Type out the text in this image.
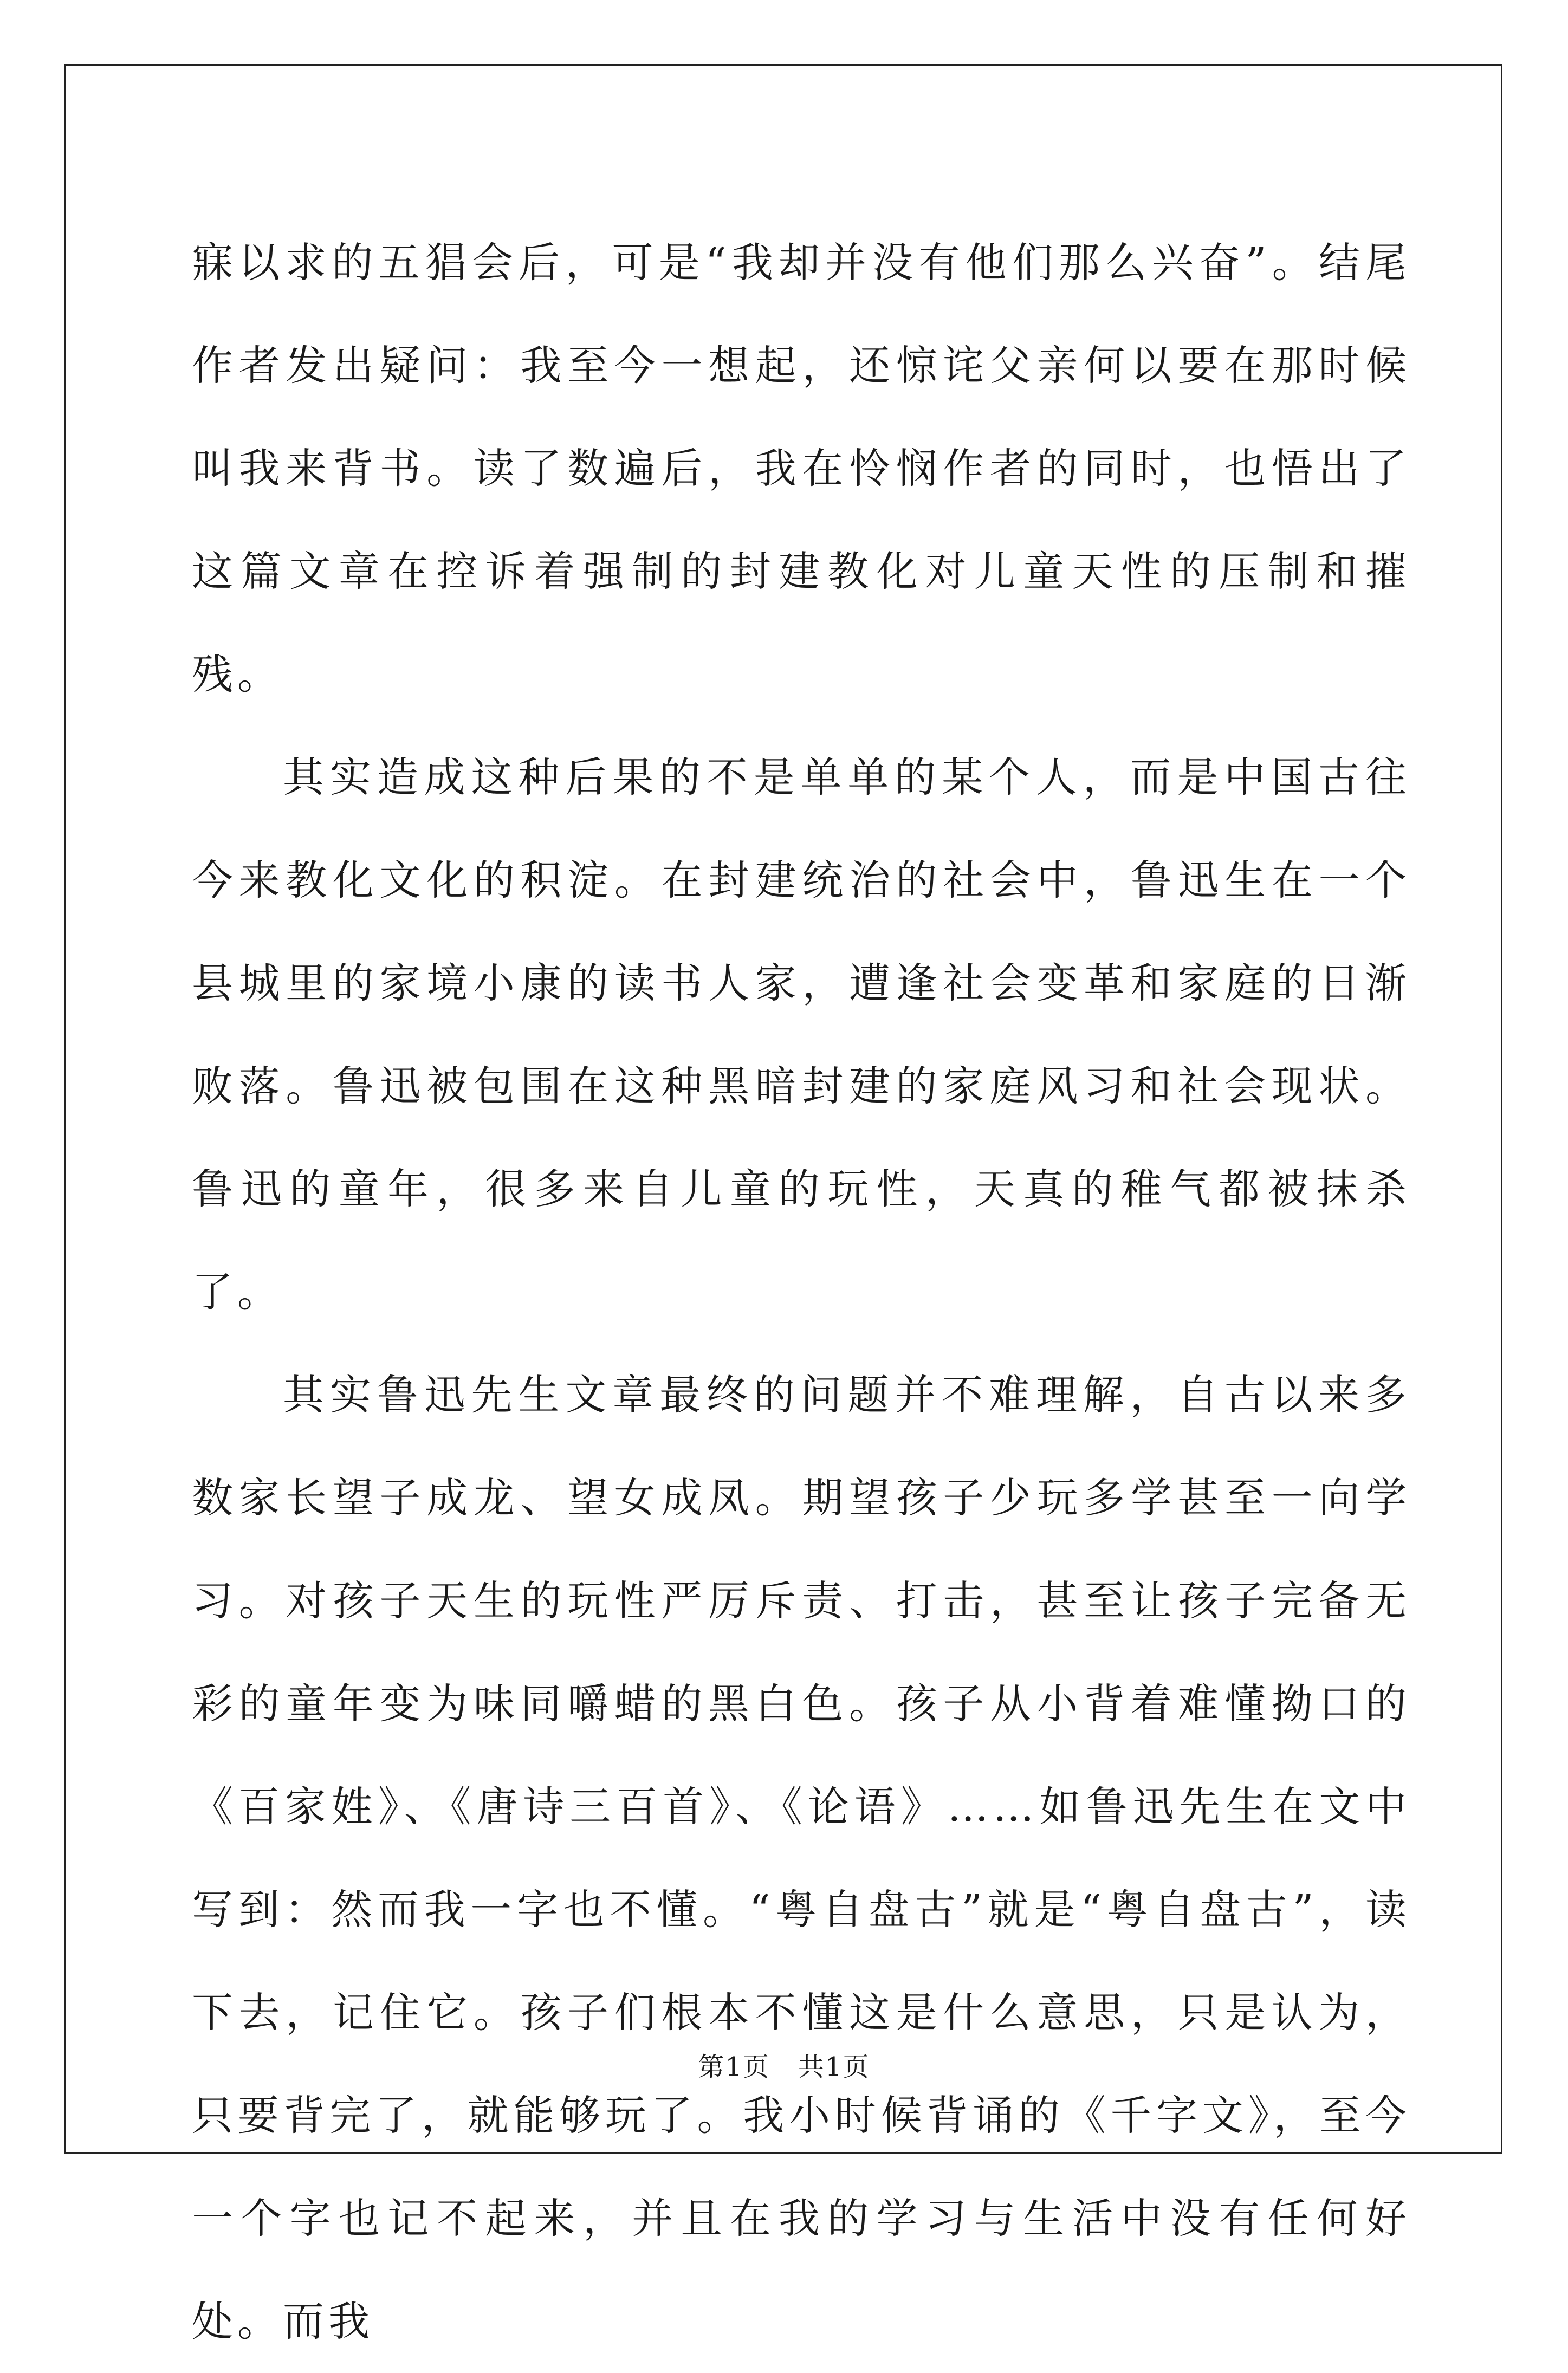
寐以求的五猖会后，可是“我却并没有他们那么兴奋”。结尾作者发出疑问：我至今一想起，还惊诧父亲何以要在那时候叫我来背书。读了数遍后，我在怜悯作者的同时，也悟出了这篇文章在控诉着强制的封建教化对儿童天性的压制和摧残。

其实造成这种后果的不是单单的某个人，而是中国古往今来教化文化的积淀。在封建统治的社会中，鲁迅生在一个县城里的家境小康的读书人家，遭逢社会变革和家庭的日渐败落。鲁迅被包围在这种黑暗封建的家庭风习和社会现状。鲁迅的童年，很多来自儿童的玩性，天真的稚气都被抹杀了。

其实鲁迅先生文章最终的问题并不难理解，自古以来多数家长望子成龙、望女成凤。期望孩子少玩多学甚至一向学习。对孩子天生的玩性严厉斥责、打击，甚至让孩子完备无彩的童年变为味同嚼蜡的黑白色。孩子从小背着难懂拗口的《百家姓》、《唐诗三百首》、《论语》……如鲁迅先生在文中写到：然而我一字也不懂。“粤自盘古”就是“粤自盘古”，读下去，记住它。孩子们根本不懂这是什么意思，只是认为，只要背完了，就能够玩了。我小时候背诵的《千字文》，至今一个字也记不起来，并且在我的学习与生活中没有任何好处。而我

第1页 共1页
